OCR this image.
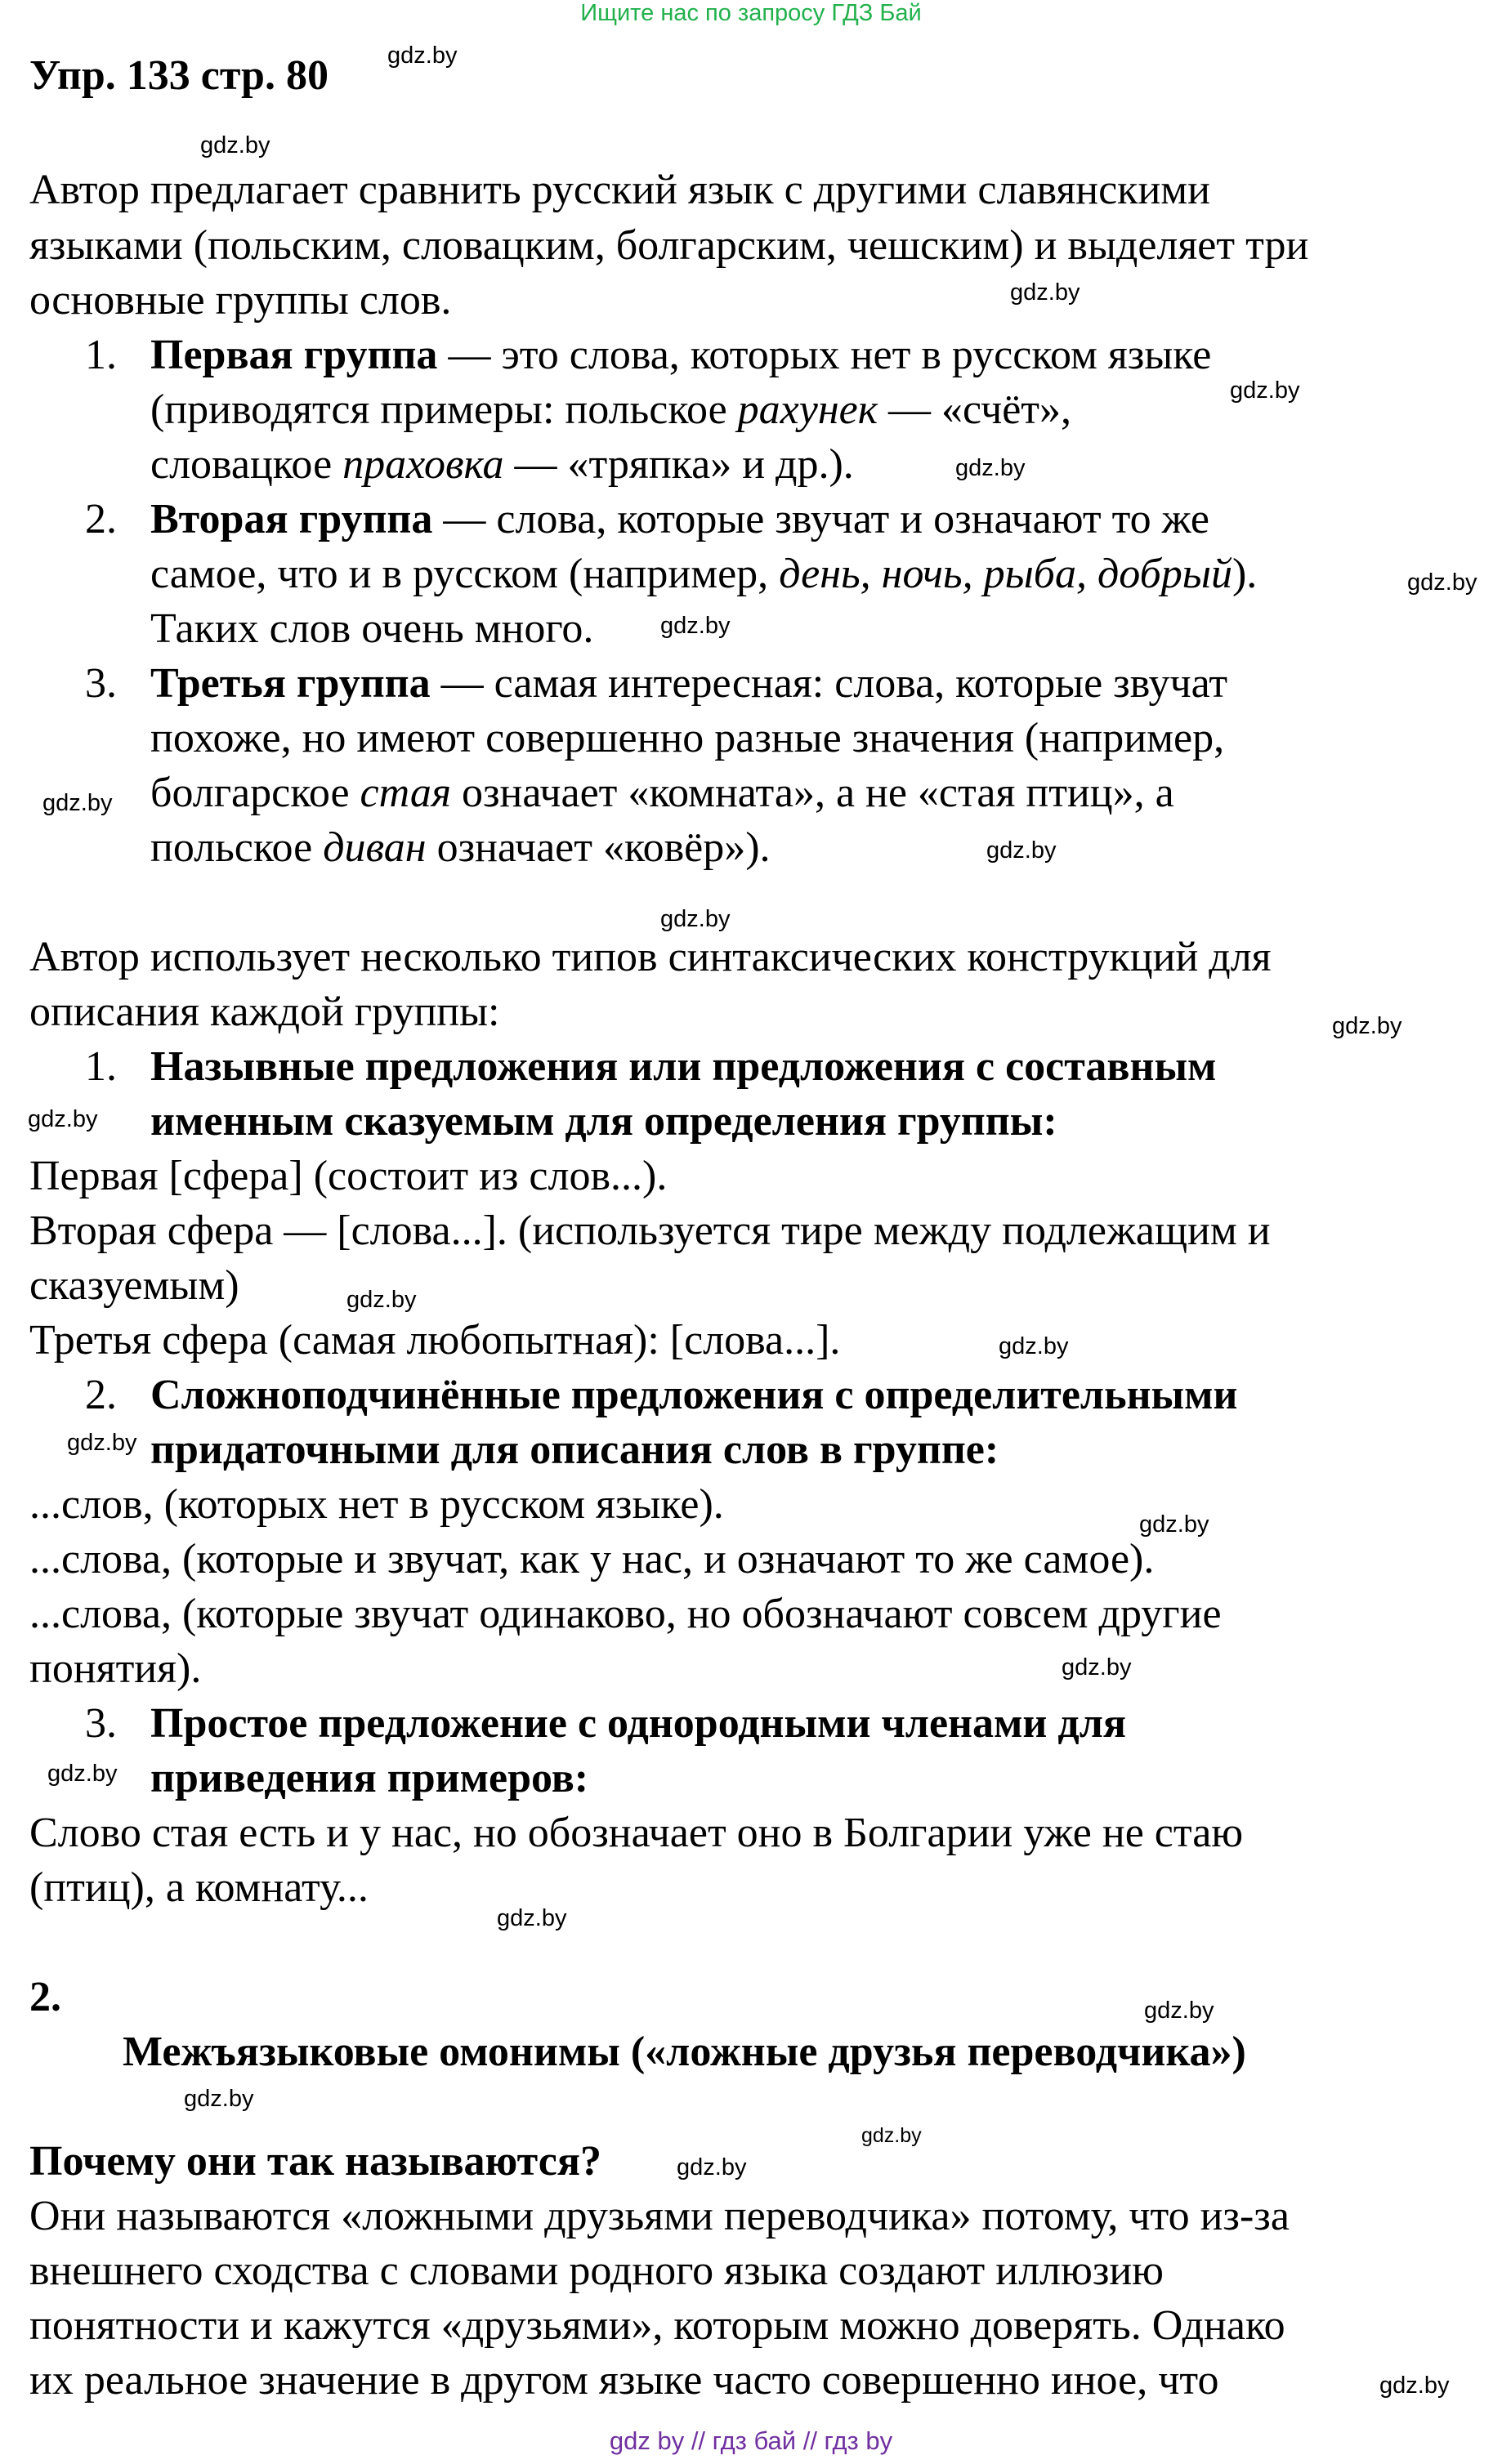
Ищите нас по запросу ГДЗ Бай
Упр. 133 стр. 80
Автор предлагает сравнить русский язык с другими славянскими
языками (польским, словацким, болгарским, чешским) и выделяет три
основные группы слов.
1. Первая группа — это слова, которых нет в русском языке
(приводятся примеры: польское рахунек — «счёт»,
словацкое праховка — «тряпка» и др.).
2. Вторая группа — слова, которые звучат и означают то же
самое, что и в русском (например, день, ночь, рыба, добрый).
Таких слов очень много.
3. Третья группа — самая интересная: слова, которые звучат
похоже, но имеют совершенно разные значения (например,
болгарское стая означает «комната», а не «стая птиц», а
польское диван означает «ковёр»).
Автор использует несколько типов синтаксических конструкций для
описания каждой группы:
1. Назывные предложения или предложения с составным
именным сказуемым для определения группы:
Первая [сфера] (состоит из слов...).
Вторая сфера — [слова...]. (используется тире между подлежащим и
сказуемым)
Третья сфера (самая любопытная): [слова...].
2. Сложноподчинённые предложения с определительными
придаточными для описания слов в группе:
...слов, (которых нет в русском языке).
...слова, (которые и звучат, как у нас, и означают то же самое).
...слова, (которые звучат одинаково, но обозначают совсем другие
понятия).
3. Простое предложение с однородными членами для
приведения примеров:
Слово стая есть и у нас, но обозначает оно в Болгарии уже не стаю
(птиц), а комнату...
2.
Межъязыковые омонимы («ложные друзья переводчика»)
Почему они так называются?
Они называются «ложными друзьями переводчика» потому, что из-за
внешнего сходства с словами родного языка создают иллюзию
понятности и кажутся «друзьями», которым можно доверять. Однако
их реальное значение в другом языке часто совершенно иное, что
gdz.by
gdz.by
gdz.by
gdz.by
gdz.by
gdz.by
gdz.by
gdz.by
gdz.by
gdz.by
gdz.by
gdz.by
gdz.by
gdz.by
gdz.by
gdz.by
gdz.by
gdz.by
gdz.by
gdz.by
gdz.by
gdz.by
gdz.by
gdz.by
gdz by // гдз бай // гдз by
